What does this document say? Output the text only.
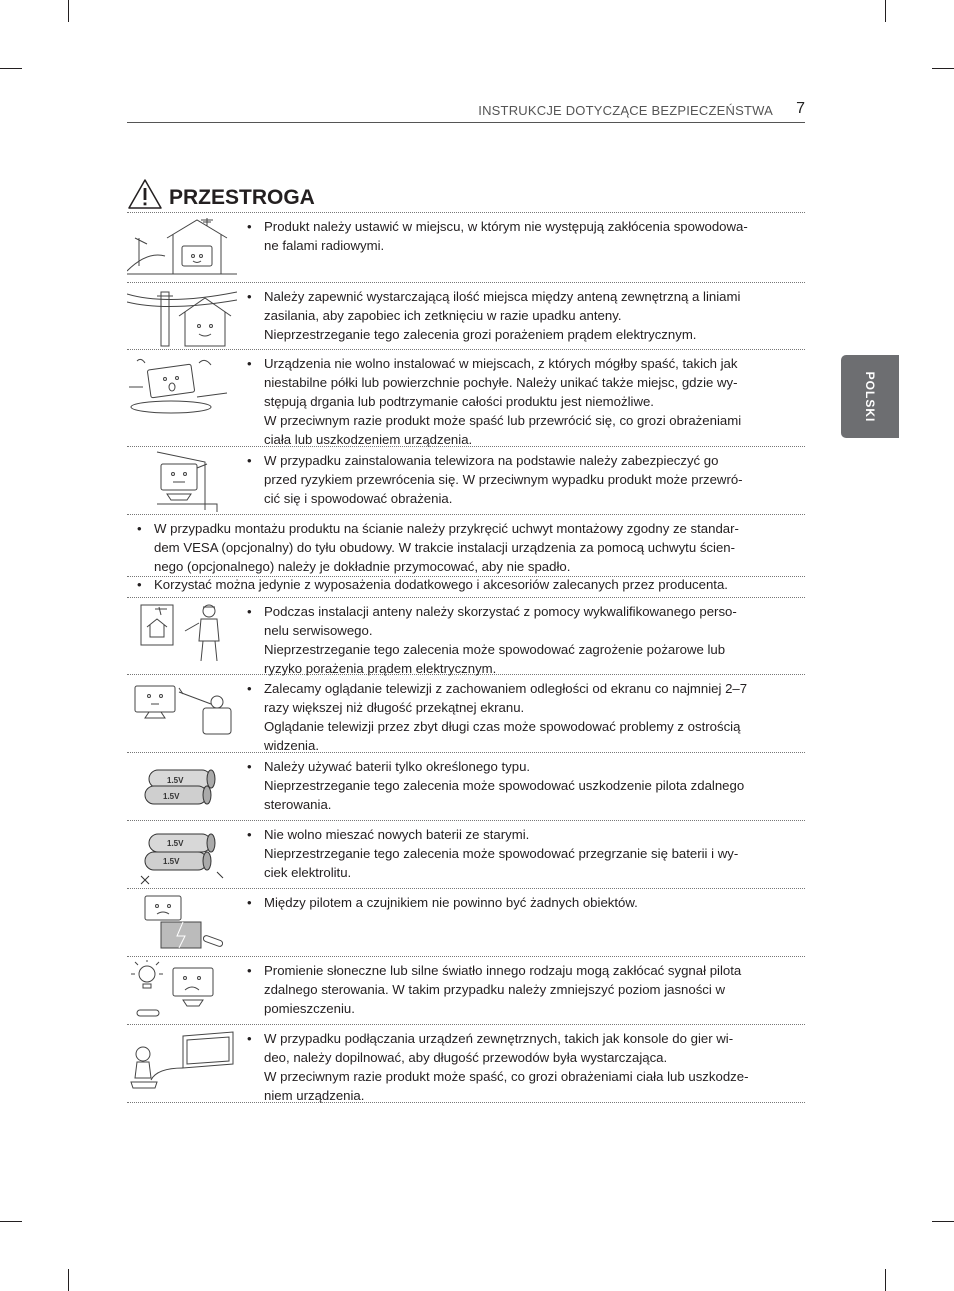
INSTRUKCJE DOTYCZĄCE BEZPIECZEŃSTWA 7
POLSKI
PRZESTROGA
• Produkt należy ustawić w miejscu, w którym nie występują zakłócenia spowodowa-
ne falami radiowymi.
• Należy zapewnić wystarczającą ilość miejsca między anteną zewnętrzną a liniami
zasilania, aby zapobiec ich zetknięciu w razie upadku anteny.
Nieprzestrzeganie tego zalecenia grozi porażeniem prądem elektrycznym.
• Urządzenia nie wolno instalować w miejscach, z których mógłby spaść, takich jak
niestabilne półki lub powierzchnie pochyłe. Należy unikać także miejsc, gdzie wy-
stępują drgania lub podtrzymanie całości produktu jest niemożliwe.
W przeciwnym razie produkt może spaść lub przewrócić się, co grozi obrażeniami
ciała lub uszkodzeniem urządzenia.
• W przypadku zainstalowania telewizora na podstawie należy zabezpieczyć go
przed ryzykiem przewrócenia się. W przeciwnym wypadku produkt może przewró-
cić się i spowodować obrażenia.
• W przypadku montażu produktu na ścianie należy przykręcić uchwyt montażowy zgodny ze standar-
dem VESA (opcjonalny) do tyłu obudowy. W trakcie instalacji urządzenia za pomocą uchwytu ścien-
nego (opcjonalnego) należy je dokładnie przymocować, aby nie spadło.
• Korzystać można jedynie z wyposażenia dodatkowego i akcesoriów zalecanych przez producenta.
• Podczas instalacji anteny należy skorzystać z pomocy wykwalifikowanego perso-
nelu serwisowego.
Nieprzestrzeganie tego zalecenia może spowodować zagrożenie pożarowe lub
ryzyko porażenia prądem elektrycznym.
• Zalecamy oglądanie telewizji z zachowaniem odległości od ekranu co najmniej 2–7
razy większej niż długość przekątnej ekranu.
Oglądanie telewizji przez zbyt długi czas może spowodować problemy z ostrością
widzenia.
1.5V
1.5V
• Należy używać baterii tylko określonego typu.
Nieprzestrzeganie tego zalecenia może spowodować uszkodzenie pilota zdalnego
sterowania.
1.5V
1.5V
• Nie wolno mieszać nowych baterii ze starymi.
Nieprzestrzeganie tego zalecenia może spowodować przegrzanie się baterii i wy-
ciek elektrolitu.
• Między pilotem a czujnikiem nie powinno być żadnych obiektów.
• Promienie słoneczne lub silne światło innego rodzaju mogą zakłócać sygnał pilota
zdalnego sterowania. W takim przypadku należy zmniejszyć poziom jasności w
pomieszczeniu.
• W przypadku podłączania urządzeń zewnętrznych, takich jak konsole do gier wi-
deo, należy dopilnować, aby długość przewodów była wystarczająca.
W przeciwnym razie produkt może spaść, co grozi obrażeniami ciała lub uszkodze-
niem urządzenia.
